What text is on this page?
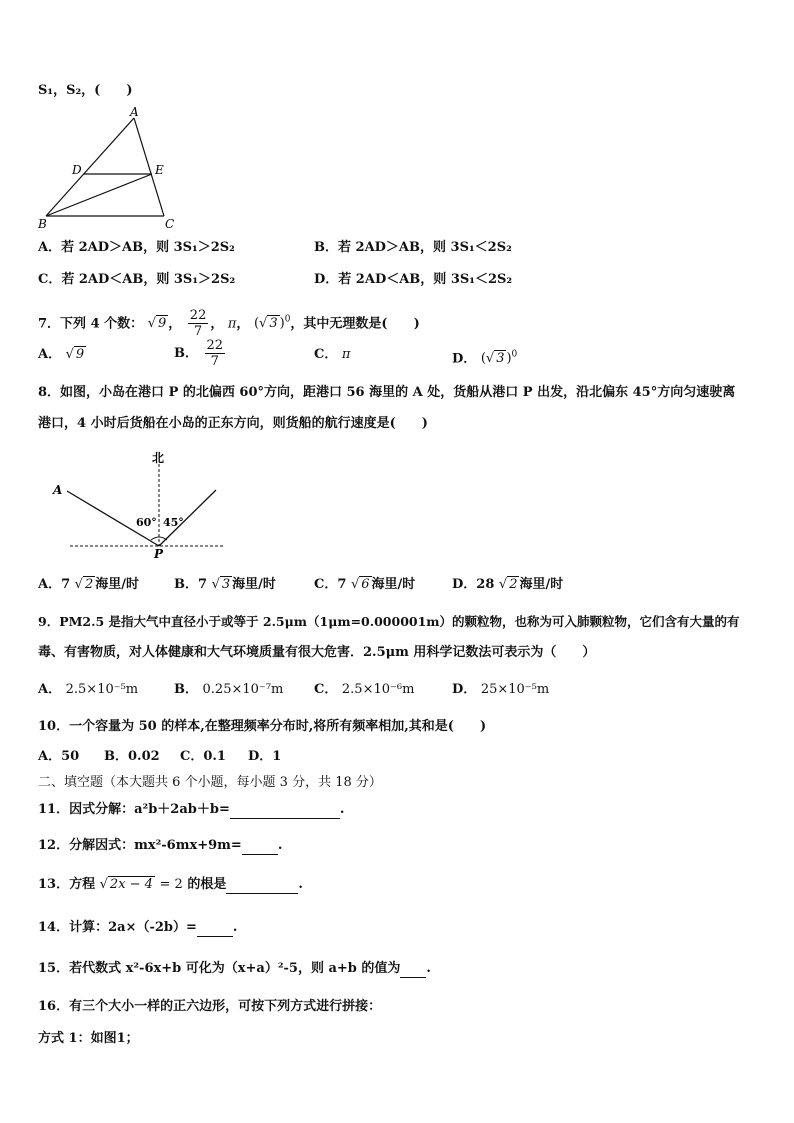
S₁，S₂，(　　)
A
D	E
B	C
A．若 2AD＞AB，则 3S₁＞2S₂	B．若 2AD＞AB，则 3S₁＜2S₂
C．若 2AD＜AB，则 3S₁＞2S₂	D．若 2AD＜AB，则 3S₁＜2S₂
7．下列 4 个数： √ 9 ， $\frac{22}{7}$ ， π， (√ 3 )$^0$，其中无理数是(　　)
A． √ 9	B． $\frac{22}{7}$	C． π	D． (√ 3 )$^0$
8．如图，小岛在港口 P 的北偏西 60°方向，距港口 56 海里的 A 处，货船从港口 P 出发，沿北偏东 45°方向匀速驶离
港口，4 小时后货船在小岛的正东方向，则货船的航行速度是(　　)
北
A
60° 45°
P
A．7 √ 2 海里/时	B．7 √ 3 海里/时	C．7 √ 6 海里/时	D．28 √ 2 海里/时
9．PM2.5 是指大气中直径小于或等于 2.5μm（1μm=0.000001m）的颗粒物，也称为可入肺颗粒物，它们含有大量的有
毒、有害物质，对人体健康和大气环境质量有很大危害．2.5μm 用科学记数法可表示为（　　）
A． 2.5×10⁻⁵m	B． 0.25×10⁻⁷m C． 2.5×10⁻⁶m	D． 25×10⁻⁵m
10．一个容量为 50 的样本,在整理频率分布时,将所有频率相加,其和是(　　)
A．50 B．0.02 C．0.1 D．1
二、填空题（本大题共 6 个小题，每小题 3 分，共 18 分）
11．因式分解：a²b＋2ab＋b=	.
12．分解因式：mx²-6mx+9m=	.
13．方程 √ 2x − 4 = 2 的根是	.
14．计算：2a×（-2b）=	.
15．若代数式 x²-6x+b 可化为（x+a）²-5，则 a+b 的值为 .
16．有三个大小一样的正六边形，可按下列方式进行拼接：
方式 1：如图1；
